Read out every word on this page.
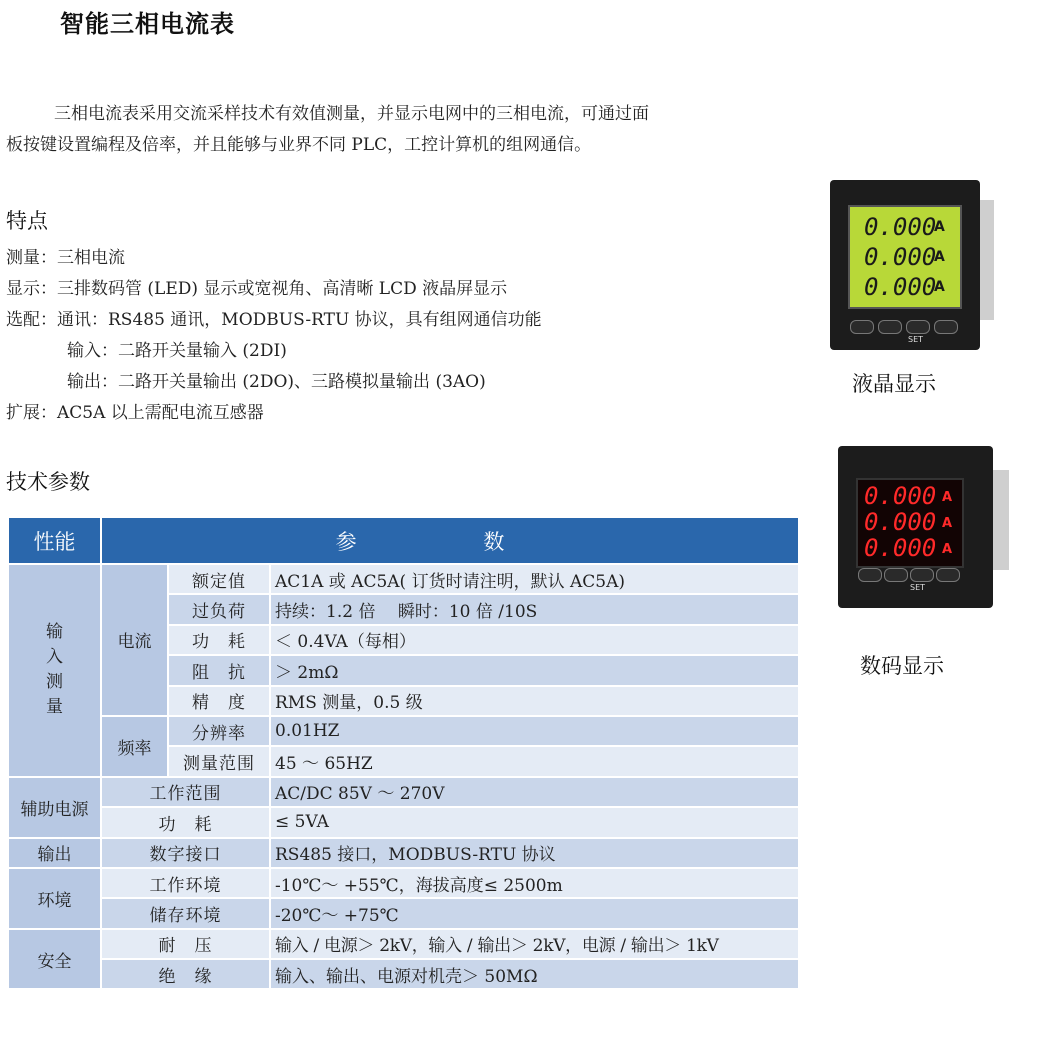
智能三相电流表

三相电流表采用交流采样技术有效值测量，并显示电网中的三相电流，可通过面

板按键设置编程及倍率，并且能够与业界不同 PLC，工控计算机的组网通信。

特点
测量：三相电流
显示：三排数码管 (LED) 显示或宽视角、高清晰 LCD 液晶屏显示
选配：通讯：RS485 通讯，MODBUS-RTU 协议，具有组网通信功能
输入：二路开关量输入 (2DI)
输出：二路开关量输出 (2DO)、三路模拟量输出 (3AO)
扩展：AC5A 以上需配电流互感器
技术参数
性能	参 数		

输
入
测
量	电流	额定值	AC1A 或 AC5A( 订货时请注明，默认 AC5A)
		过负荷	持续：1.2 倍　 瞬时：10 倍 /10S
		功　耗	＜ 0.4VA（每相）
		阻　抗	＞ 2mΩ
		精　度	RMS 测量，0.5 级
	频率	分辨率	0.01HZ
		测量范围	45 ～ 65HZ
辅助电源	工作范围		AC/DC 85V ～ 270V
	功　耗		≤ 5VA
输出	数字接口		RS485 接口，MODBUS-RTU 协议
环境	工作环境		-10℃～ +55℃，海拔高度≤ 2500m
	储存环境		-20℃～ +75℃
安全	耐　压		输入 / 电源＞ 2kV，输入 / 输出＞ 2kV，电源 / 输出＞ 1kV
	绝　缘		输入、输出、电源对机壳＞ 50MΩ
0.000
A
0.000
A
0.000
A
SET
液晶显示
0.000 A
0.000 A
0.000 A
SET
数码显示
